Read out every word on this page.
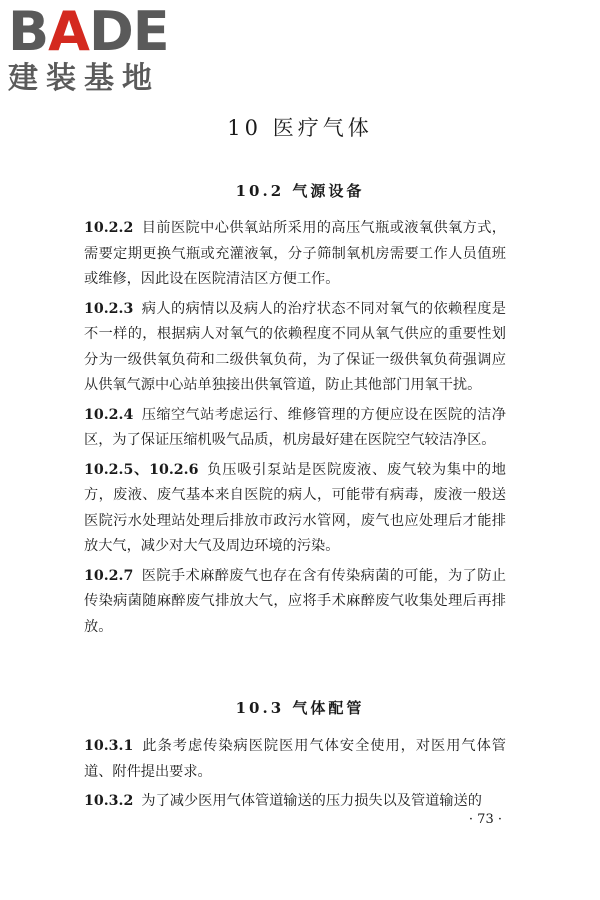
B A DE
建装基地
10 医疗气体
10.2 气源设备

10.2.2 目前医院中心供氧站所采用的高压气瓶或液氧供氧方式，需要定期更换气瓶或充灌液氧，分子筛制氧机房需要工作人员值班或维修，因此设在医院清洁区方便工作。

10.2.3 病人的病情以及病人的治疗状态不同对氧气的依赖程度是不一样的，根据病人对氧气的依赖程度不同从氧气供应的重要性划分为一级供氧负荷和二级供氧负荷，为了保证一级供氧负荷强调应从供氧气源中心站单独接出供氧管道，防止其他部门用氧干扰。

10.2.4 压缩空气站考虑运行、维修管理的方便应设在医院的洁净区，为了保证压缩机吸气品质，机房最好建在医院空气较洁净区。

10.2.5、10.2.6 负压吸引泵站是医院废液、废气较为集中的地方，废液、废气基本来自医院的病人，可能带有病毒，废液一般送医院污水处理站处理后排放市政污水管网，废气也应处理后才能排放大气，减少对大气及周边环境的污染。

10.2.7 医院手术麻醉废气也存在含有传染病菌的可能，为了防止传染病菌随麻醉废气排放大气，应将手术麻醉废气收集处理后再排放。

10.3 气体配管

10.3.1 此条考虑传染病医院医用气体安全使用，对医用气体管道、附件提出要求。

10.3.2 为了减少医用气体管道输送的压力损失以及管道输送的

· 73 ·
